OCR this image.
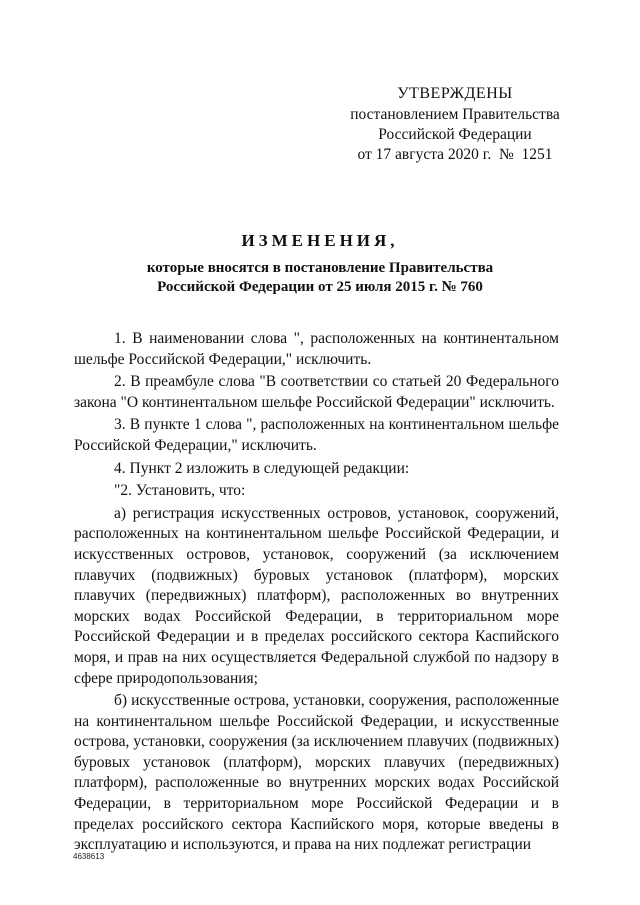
УТВЕРЖДЕНЫ
постановлением Правительства
Российской Федерации
от 17 августа 2020 г.  №  1251
ИЗМЕНЕНИЯ,
которые вносятся в постановление Правительства
Российской Федерации от 25 июля 2015 г. № 760

1. В наименовании слова ", расположенных на континентальном шельфе Российской Федерации," исключить.

2. В преамбуле слова "В соответствии со статьей 20 Федерального закона "О континентальном шельфе Российской Федерации" исключить.

3. В пункте 1 слова ", расположенных на континентальном шельфе Российской Федерации," исключить.

4. Пункт 2 изложить в следующей редакции:

"2. Установить, что:

а) регистрация искусственных островов, установок, сооружений, расположенных на континентальном шельфе Российской Федерации, и искусственных островов, установок, сооружений (за исключением плавучих (подвижных) буровых установок (платформ), морских плавучих (передвижных) платформ), расположенных во внутренних морских водах Российской Федерации, в территориальном море Российской Федерации и в пределах российского сектора Каспийского моря, и прав на них осуществляется Федеральной службой по надзору в сфере природопользования;

б) искусственные острова, установки, сооружения, расположенные на континентальном шельфе Российской Федерации, и искусственные острова, установки, сооружения (за исключением плавучих (подвижных) буровых установок (платформ), морских плавучих (передвижных) платформ), расположенные во внутренних морских водах Российской Федерации, в территориальном море Российской Федерации и в пределах российского сектора Каспийского моря, которые введены в эксплуатацию и используются, и права на них подлежат регистрации

4638613
